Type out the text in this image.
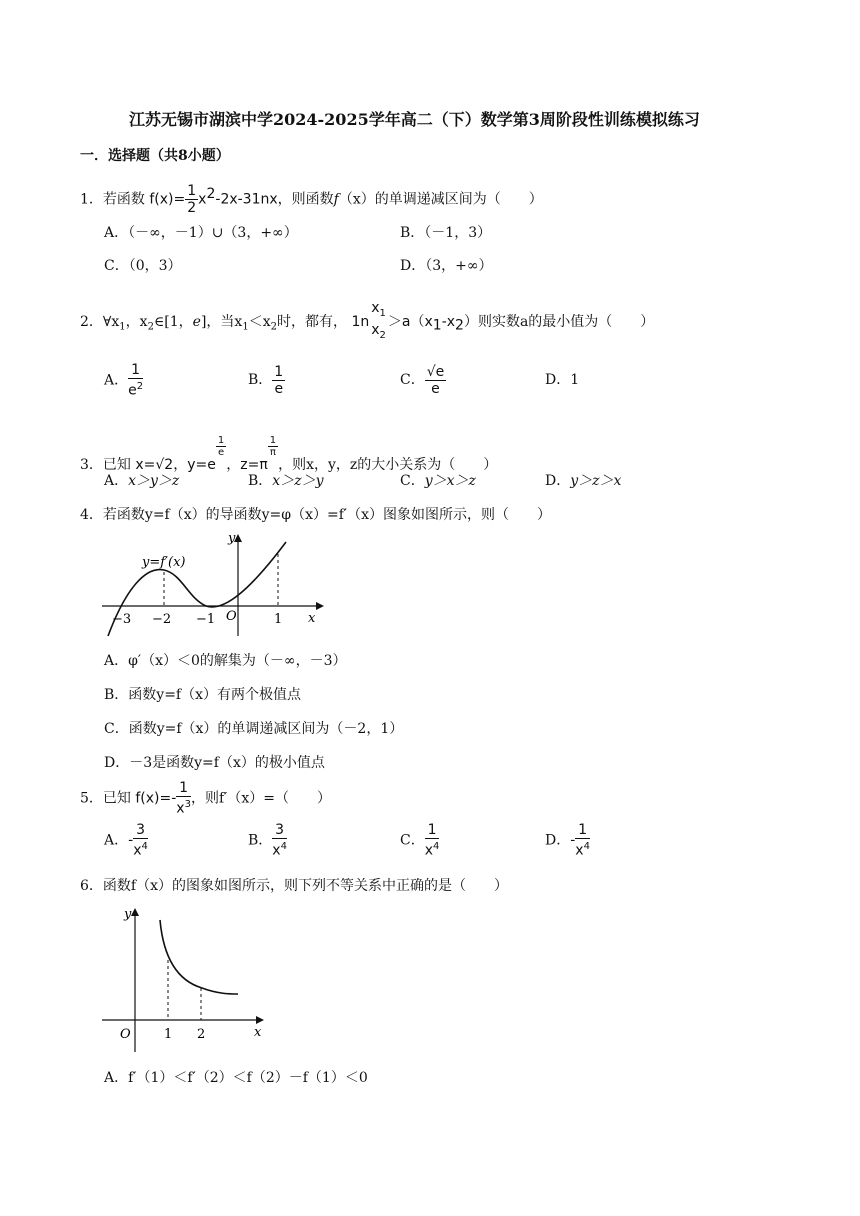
江苏无锡市湖滨中学2024-2025学年高二（下）数学第3周阶段性训练模拟练习
一．选择题（共8小题）
1．若函数 $f(x)= \frac{1}{2} x2-2x-31nx$，则函数f（x）的单调递减区间为（　　）
A．（－∞，－1）∪（3，+∞）	B．（－1，3）
C．（0，3）	D．（3，+∞）
2．$\forall x_1$，$x_2\in[1$，e]，当$x_1<x_2$时，都有， 1n
$x_1$
$x_2$
＞a（x1-x2）则实数a的最小值为（　　）
A． $\frac{1}{e^2}$	B． $\frac{1}{e}$	C． $\frac{√e}{e}$	D．1
3．已知 x=√2，y=e
$\frac{1}{e}$
，z=π
$\frac{1}{\pi}$
，则x，y，z的大小关系为（　　）
A．x＞y＞z	B．x＞z＞y	C．y＞x＞z	D．y＞z＞x
4．若函数y=f（x）的导函数y=φ（x）=f′（x）图象如图所示，则（　　）
y=f′(x)
y
x
O
−3 −2 −1	1
A．φ′（x）＜0的解集为（－∞，－3）
B．函数y=f（x）有两个极值点
C．函数y=f（x）的单调递减区间为（－2，1）
D．－3是函数y=f（x）的极小值点
5．已知 $f(x)=- \frac{1}{x^3}$ ，则f′（x）=（　　）
A．- $\frac{3}{x^4}$	B． $\frac{3}{x^4}$	C． $\frac{1}{x^4}$	D．- $\frac{1}{x^4}$
6．函数f（x）的图象如图所示，则下列不等关系中正确的是（　　）
y
x
O	1 2
A．f′（1）＜f′（2）＜f（2）－f（1）＜0
